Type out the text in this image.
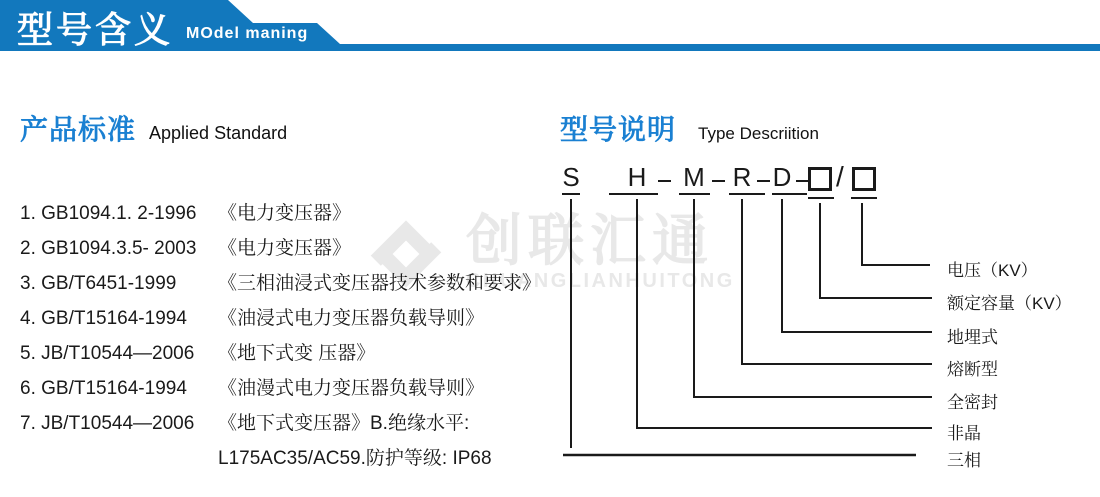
型号含义 MOdel maning
创联汇通
CHUANGLIANHUITONG
产品标准 Applied Standard
1. GB1094.1. 2-1996 《电力变压器》
2. GB1094.3.5- 2003 《电力变压器》
3. GB/T6451-1999 《三相油浸式变压器技术参数和要求》
4. GB/T15164-1994 《油浸式电力变压器负载导则》
5. JB/T10544—2006 《地下式变 压器》
6. GB/T15164-1994 《油漫式电力变压器负载导则》
7. JB/T10544—2006 《地下式变压器》B.绝缘水平:
L175AC35/AC59.防护等级: IP68
型号说明 Type Descriition
S H M R D /
电压（KV）
额定容量（KV）
地埋式
熔断型
全密封
非晶
三相
